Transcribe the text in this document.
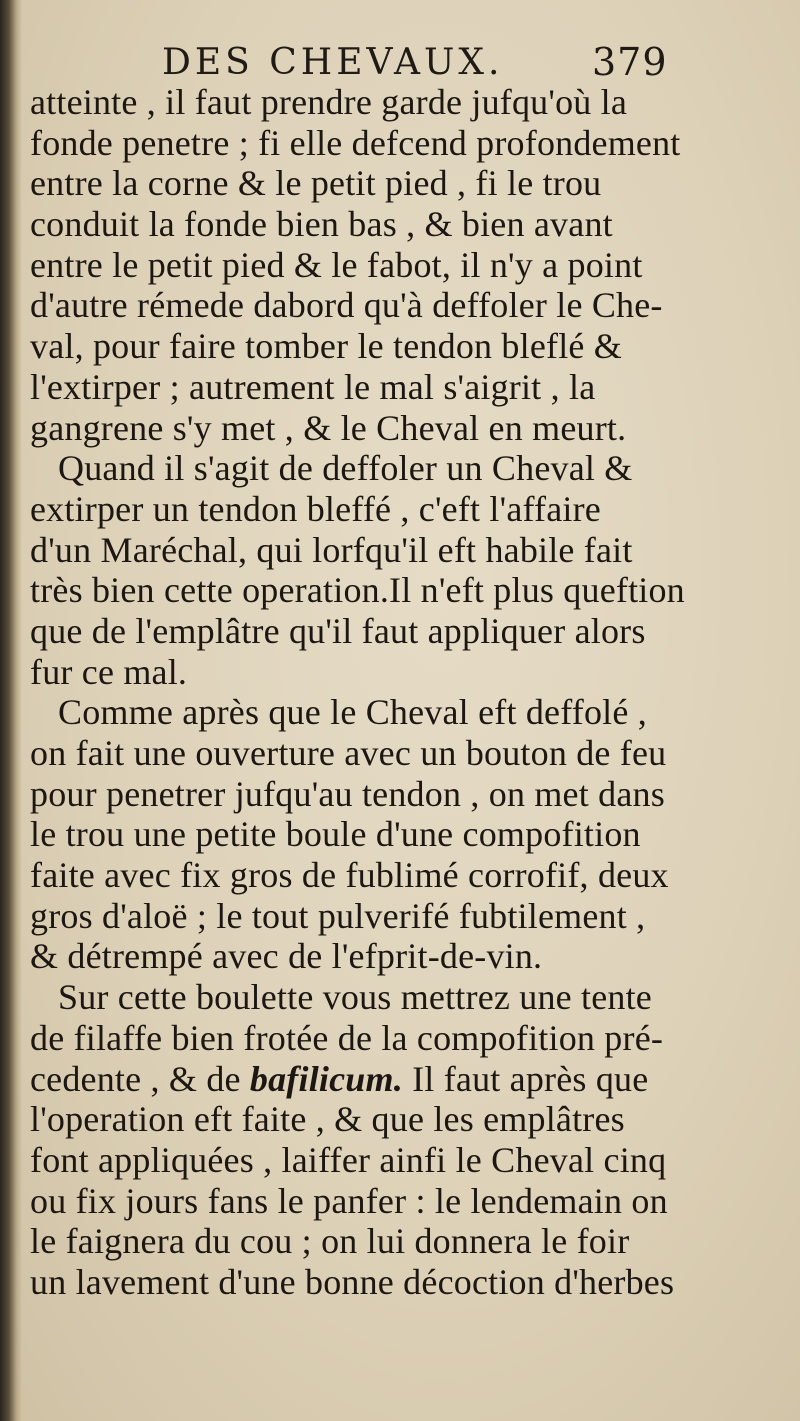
DES CHEVAUX. 379
atteinte , il faut prendre garde jufqu'où la
fonde penetre ; fi elle defcend profondement
entre la corne & le petit pied , fi le trou
conduit la fonde bien bas , & bien avant
entre le petit pied & le fabot, il n'y a point
d'autre rémede dabord qu'à deffoler le Che-
val, pour faire tomber le tendon bleflé &
l'extirper ; autrement le mal s'aigrit , la
gangrene s'y met , & le Cheval en meurt.
Quand il s'agit de deffoler un Cheval &
extirper un tendon bleffé , c'eft l'affaire
d'un Maréchal, qui lorfqu'il eft habile fait
très bien cette operation.Il n'eft plus queftion
que de l'emplâtre qu'il faut appliquer alors
fur ce mal.
Comme après que le Cheval eft deffolé ,
on fait une ouverture avec un bouton de feu
pour penetrer jufqu'au tendon , on met dans
le trou une petite boule d'une compofition
faite avec fix gros de fublimé corrofif, deux
gros d'aloë ; le tout pulverifé fubtilement ,
& détrempé avec de l'efprit-de-vin.
Sur cette boulette vous mettrez une tente
de filaffe bien frotée de la compofition pré-
cedente , & de bafilicum. Il faut après que
l'operation eft faite , & que les emplâtres
font appliquées , laiffer ainfi le Cheval cinq
ou fix jours fans le panfer : le lendemain on
le faignera du cou ; on lui donnera le foir
un lavement d'une bonne décoction d'herbes
